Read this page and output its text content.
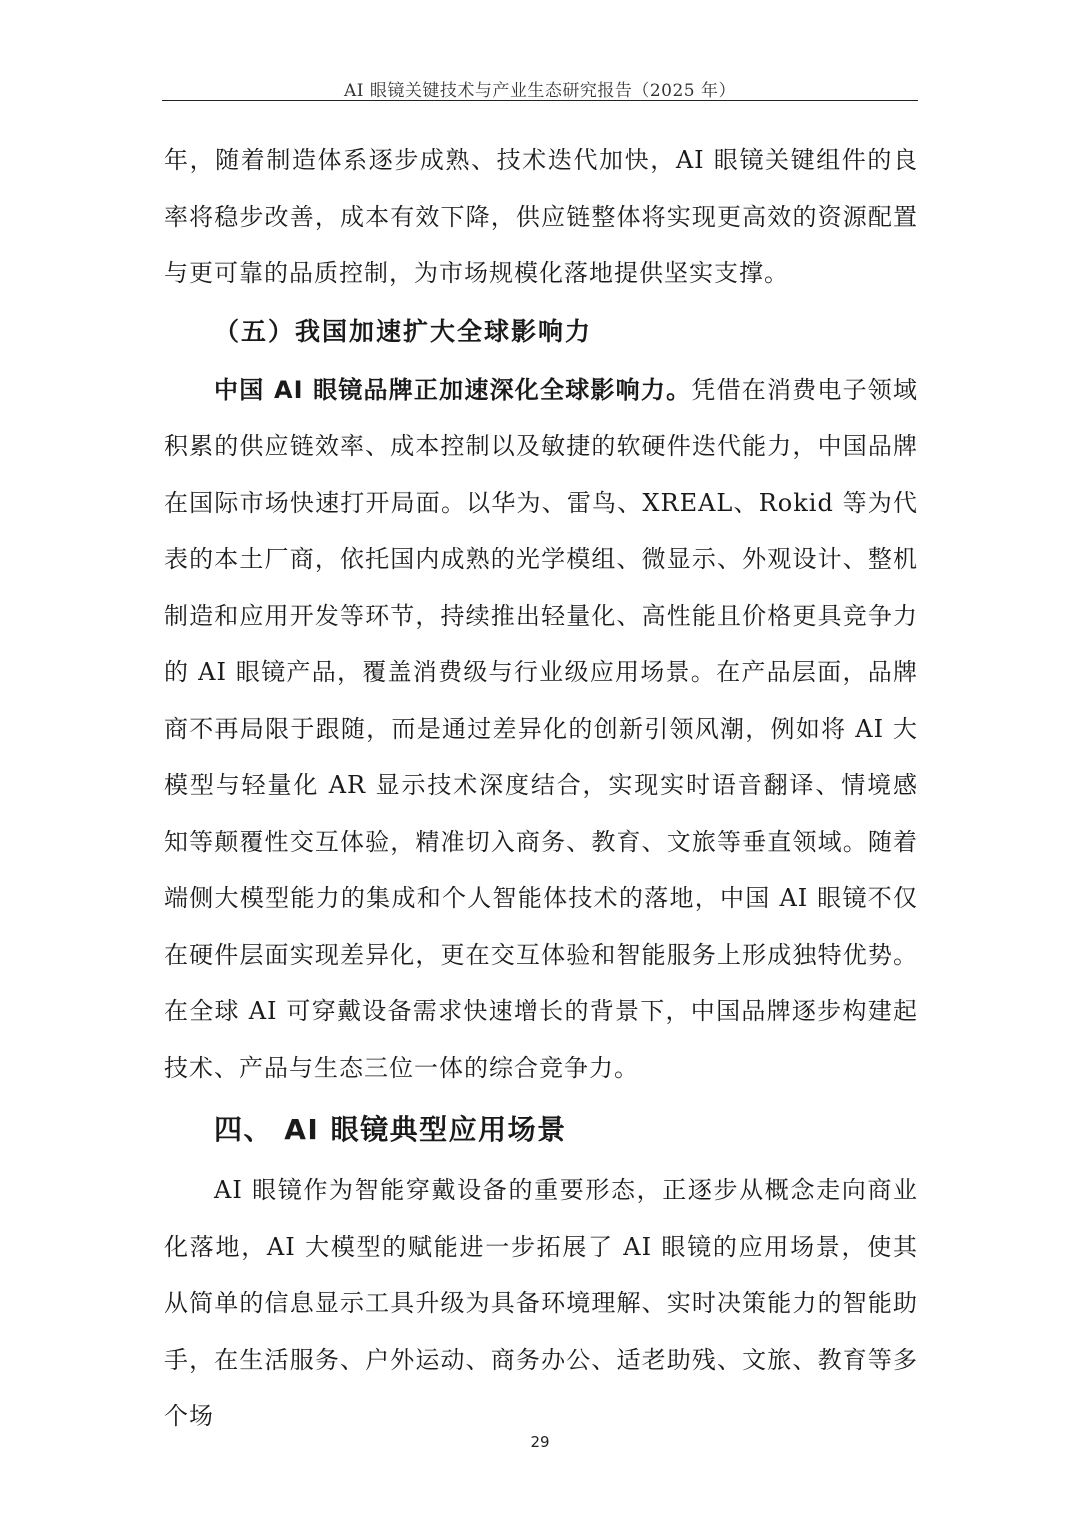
AI 眼镜关键技术与产业生态研究报告（2025 年）

年，随着制造体系逐步成熟、技术迭代加快，AI 眼镜关键组件的良率将稳步改善，成本有效下降，供应链整体将实现更高效的资源配置与更可靠的品质控制，为市场规模化落地提供坚实支撑。

（五）我国加速扩大全球影响力

中国 AI 眼镜品牌正加速深化全球影响力。凭借在消费电子领域积累的供应链效率、成本控制以及敏捷的软硬件迭代能力，中国品牌在国际市场快速打开局面。以华为、雷鸟、XREAL、Rokid 等为代表的本土厂商，依托国内成熟的光学模组、微显示、外观设计、整机制造和应用开发等环节，持续推出轻量化、高性能且价格更具竞争力的 AI 眼镜产品，覆盖消费级与行业级应用场景。在产品层面，品牌商不再局限于跟随，而是通过差异化的创新引领风潮，例如将 AI 大模型与轻量化 AR 显示技术深度结合，实现实时语音翻译、情境感知等颠覆性交互体验，精准切入商务、教育、文旅等垂直领域。随着端侧大模型能力的集成和个人智能体技术的落地，中国 AI 眼镜不仅在硬件层面实现差异化，更在交互体验和智能服务上形成独特优势。在全球 AI 可穿戴设备需求快速增长的背景下，中国品牌逐步构建起技术、产品与生态三位一体的综合竞争力。

四、 AI 眼镜典型应用场景

AI 眼镜作为智能穿戴设备的重要形态，正逐步从概念走向商业化落地，AI 大模型的赋能进一步拓展了 AI 眼镜的应用场景，使其从简单的信息显示工具升级为具备环境理解、实时决策能力的智能助手，在生活服务、户外运动、商务办公、适老助残、文旅、教育等多个场

29
